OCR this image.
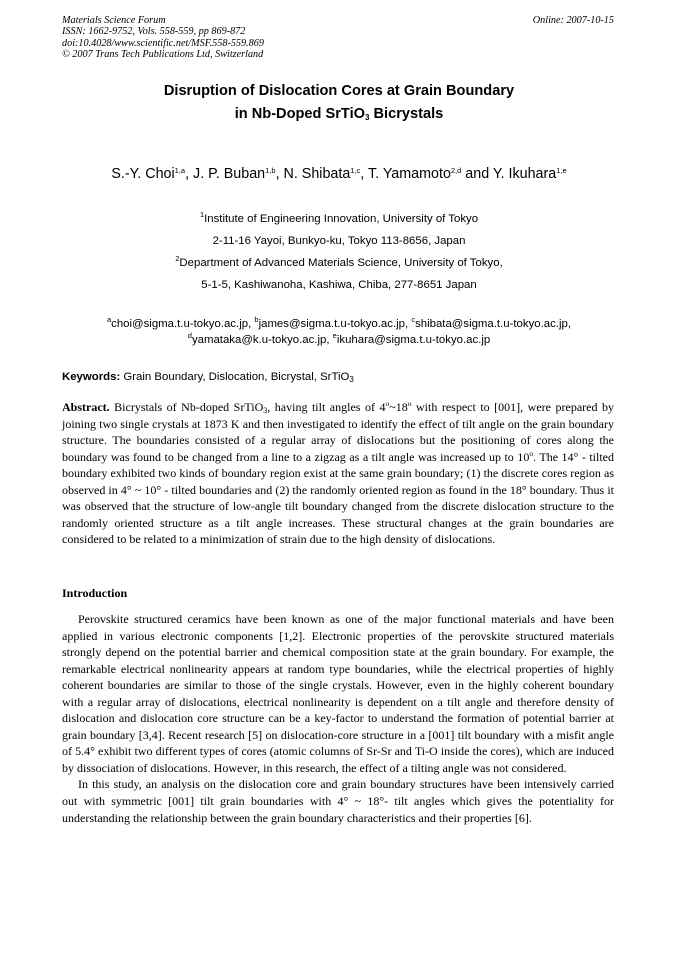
Materials Science Forum	Online: 2007-10-15
ISSN: 1662-9752, Vols. 558-559, pp 869-872
doi:10.4028/www.scientific.net/MSF.558-559.869
© 2007 Trans Tech Publications Ltd, Switzerland
Disruption of Dislocation Cores at Grain Boundary
in Nb-Doped SrTiO$_3$ Bicrystals
S.-Y. Choi$^{1,a}$, J. P. Buban$^{1,b}$, N. Shibata$^{1,c}$, T. Yamamoto$^{2,d}$ and Y. Ikuhara$^{1,e}$
$^1$Institute of Engineering Innovation, University of Tokyo
2-11-16 Yayoi, Bunkyo-ku, Tokyo 113-8656, Japan
$^2$Department of Advanced Materials Science, University of Tokyo,
5-1-5, Kashiwanoha, Kashiwa, Chiba, 277-8651 Japan
$^a$choi@sigma.t.u-tokyo.ac.jp, $^b$james@sigma.t.u-tokyo.ac.jp, $^c$shibata@sigma.t.u-tokyo.ac.jp,
$^d$yamataka@k.u-tokyo.ac.jp, $^e$ikuhara@sigma.t.u-tokyo.ac.jp
Keywords: Grain Boundary, Dislocation, Bicrystal, SrTiO$_3$
Abstract. Bicrystals of Nb-doped SrTiO$_3$, having tilt angles of 4$^o$~18$^o$ with respect to [001], were prepared by joining two single crystals at 1873 K and then investigated to identify the effect of tilt angle on the grain boundary structure. The boundaries consisted of a regular array of dislocations but the positioning of cores along the boundary was found to be changed from a line to a zigzag as a tilt angle was increased up to 10$^o$. The 14° - tilted boundary exhibited two kinds of boundary region exist at the same grain boundary; (1) the discrete cores region as observed in 4° ~ 10° - tilted boundaries and (2) the randomly oriented region as found in the 18° boundary. Thus it was observed that the structure of low-angle tilt boundary changed from the discrete dislocation structure to the randomly oriented structure as a tilt angle increases. These structural changes at the grain boundaries are considered to be related to a minimization of strain due to the high density of dislocations.
Introduction

Perovskite structured ceramics have been known as one of the major functional materials and have been applied in various electronic components [1,2]. Electronic properties of the perovskite structured materials strongly depend on the potential barrier and chemical composition state at the grain boundary. For example, the remarkable electrical nonlinearity appears at random type boundaries, while the electrical properties of highly coherent boundaries are similar to those of the single crystals. However, even in the highly coherent boundary with a regular array of dislocations, electrical nonlinearity is dependent on a tilt angle and therefore density of dislocation and dislocation core structure can be a key-factor to understand the formation of potential barrier at grain boundary [3,4]. Recent research [5] on dislocation-core structure in a [001] tilt boundary with a misfit angle of 5.4° exhibit two different types of cores (atomic columns of Sr-Sr and Ti-O inside the cores), which are induced by dissociation of dislocations. However, in this research, the effect of a tilting angle was not considered.

In this study, an analysis on the dislocation core and grain boundary structures have been intensively carried out with symmetric [001] tilt grain boundaries with 4° ~ 18°- tilt angles which gives the potentiality for understanding the relationship between the grain boundary characteristics and their properties [6].
